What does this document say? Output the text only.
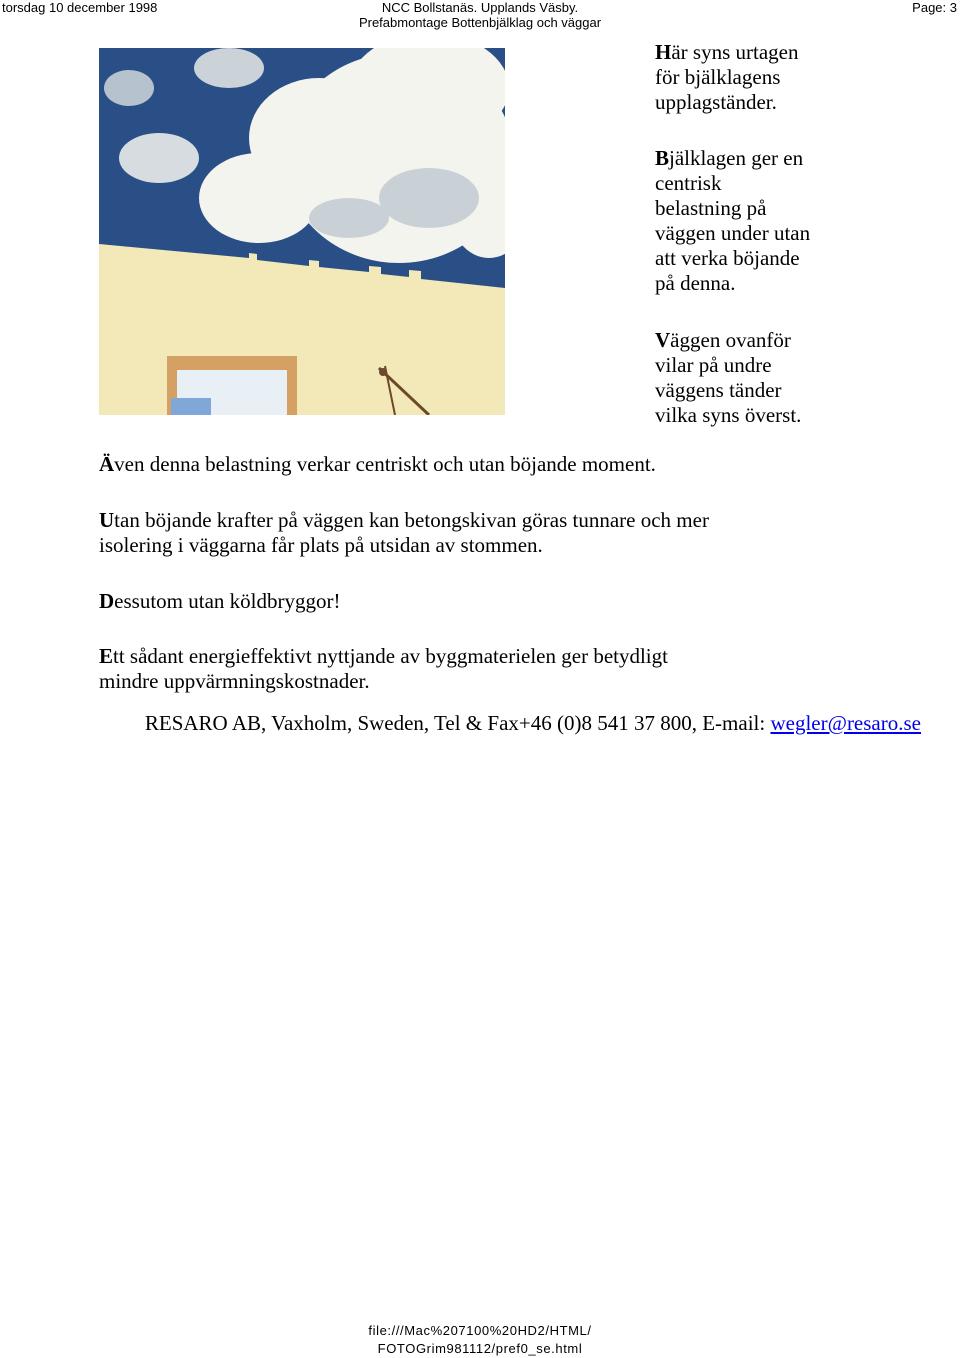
torsdag 10 december 1998	NCC Bollstanäs. Upplands Väsby.
Prefabmontage Bottenbjälklag och väggar
Page: 3

Här syns urtagen

för bjälklagens

upplagständer.

Bjälklagen ger en

centrisk

belastning på

väggen under utan

att verka böjande

på denna.

Väggen ovanför

vilar på undre

väggens tänder

vilka syns överst.

Även denna belastning verkar centriskt och utan böjande moment.

Utan böjande krafter på väggen kan betongskivan göras tunnare och mer

isolering i väggarna får plats på utsidan av stommen.

Dessutom utan köldbryggor!

Ett sådant energieffektivt nyttjande av byggmaterielen ger betydligt

mindre uppvärmningskostnader.

RESARO AB, Vaxholm, Sweden, Tel & Fax+46 (0)8 541 37 800, E-mail: wegler@resaro.se
file:///Mac%207100%20HD2/HTML/
FOTOGrim981112/pref0_se.html
